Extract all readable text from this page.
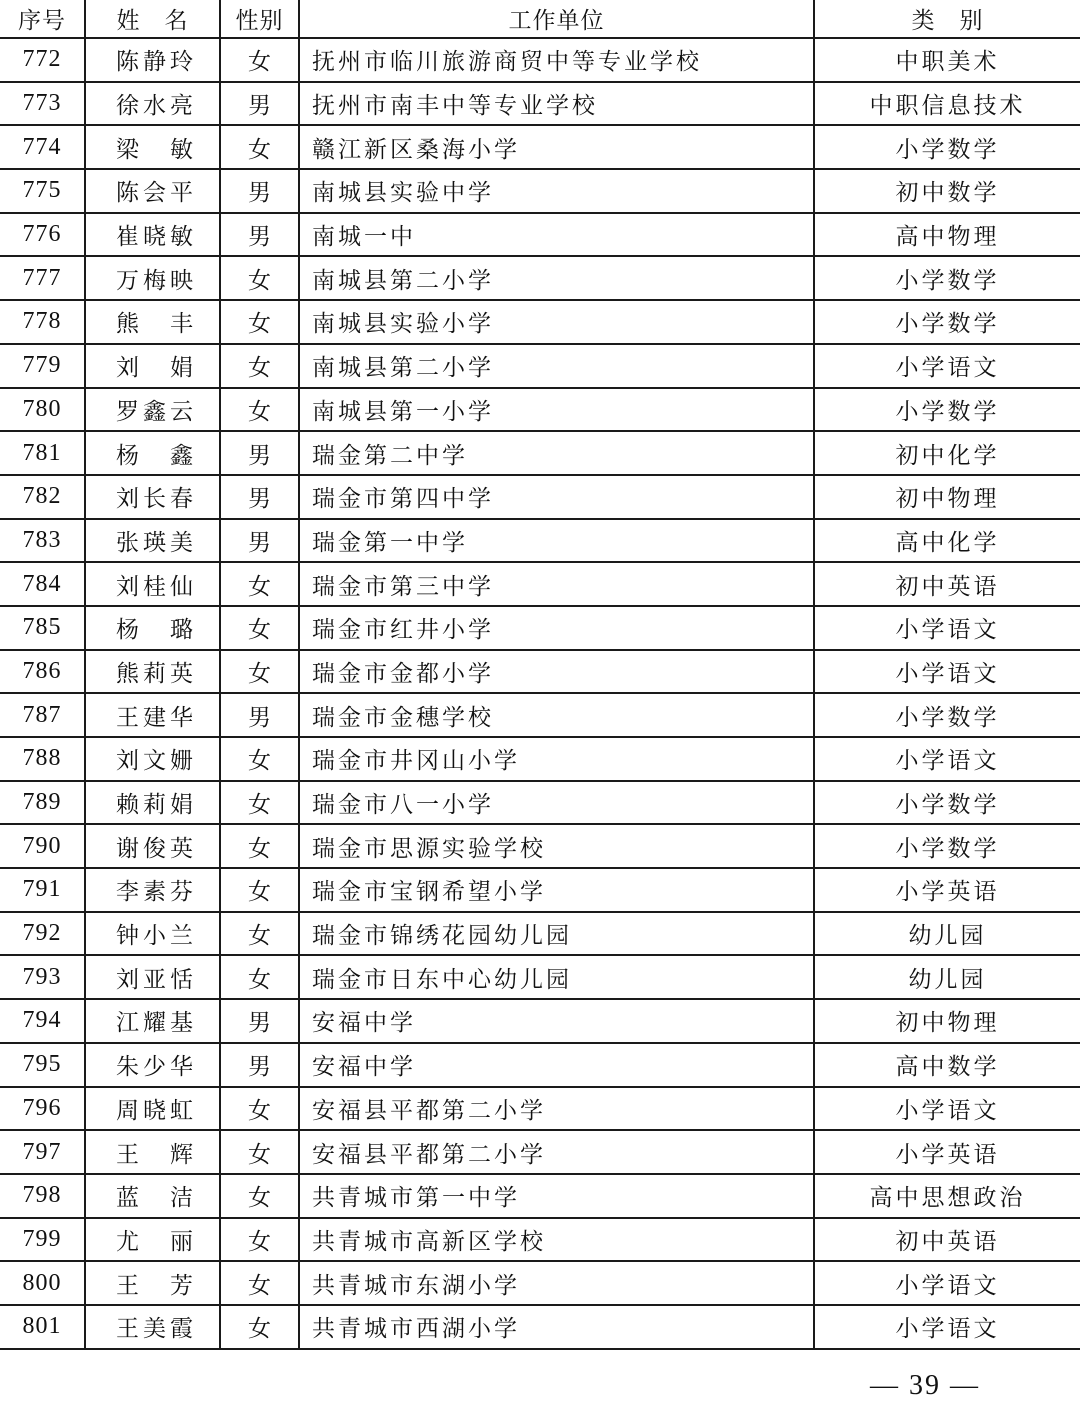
序号	姓　名	性别	工作单位	类　别
772	陈静玲	女	抚州市临川旅游商贸中等专业学校	中职美术
773	徐水亮	男	抚州市南丰中等专业学校	中职信息技术
774	梁　敏	女	赣江新区桑海小学	小学数学
775	陈会平	男	南城县实验中学	初中数学
776	崔晓敏	男	南城一中	高中物理
777	万梅映	女	南城县第二小学	小学数学
778	熊　丰	女	南城县实验小学	小学数学
779	刘　娟	女	南城县第二小学	小学语文
780	罗鑫云	女	南城县第一小学	小学数学
781	杨　鑫	男	瑞金第二中学	初中化学
782	刘长春	男	瑞金市第四中学	初中物理
783	张瑛美	男	瑞金第一中学	高中化学
784	刘桂仙	女	瑞金市第三中学	初中英语
785	杨　璐	女	瑞金市红井小学	小学语文
786	熊莉英	女	瑞金市金都小学	小学语文
787	王建华	男	瑞金市金穗学校	小学数学
788	刘文姗	女	瑞金市井冈山小学	小学语文
789	赖莉娟	女	瑞金市八一小学	小学数学
790	谢俊英	女	瑞金市思源实验学校	小学数学
791	李素芬	女	瑞金市宝钢希望小学	小学英语
792	钟小兰	女	瑞金市锦绣花园幼儿园	幼儿园
793	刘亚恬	女	瑞金市日东中心幼儿园	幼儿园
794	江耀基	男	安福中学	初中物理
795	朱少华	男	安福中学	高中数学
796	周晓虹	女	安福县平都第二小学	小学语文
797	王　辉	女	安福县平都第二小学	小学英语
798	蓝　洁	女	共青城市第一中学	高中思想政治
799	尤　丽	女	共青城市高新区学校	初中英语
800	王　芳	女	共青城市东湖小学	小学语文
801	王美霞	女	共青城市西湖小学	小学语文
— 39 —
